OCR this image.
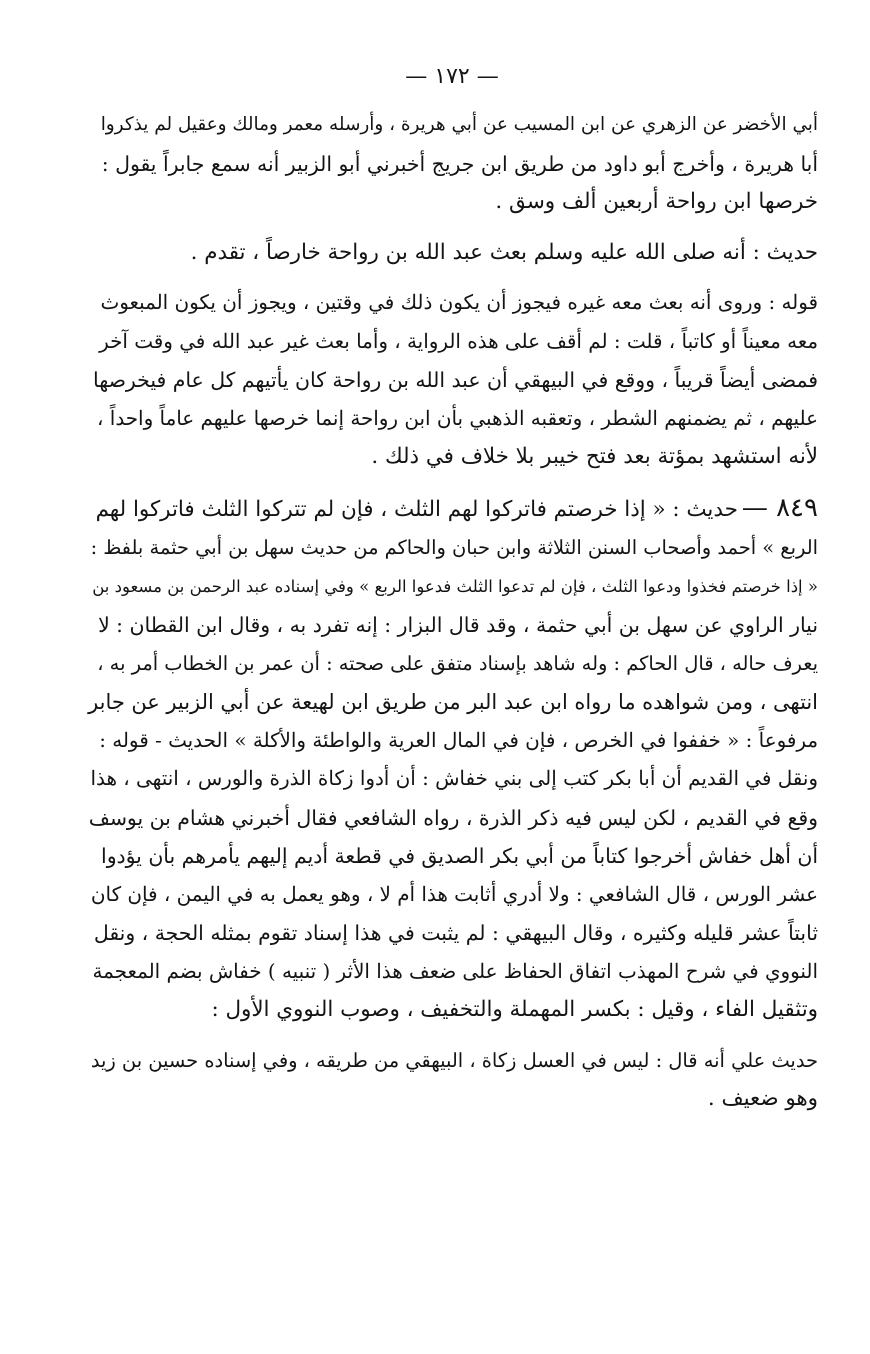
— ١٧٢ —
أبي الأخضر عن الزهري عن ابن المسيب عن أبي هريرة ، وأرسله معمر ومالك وعقيل لم يذكروا
أبا هريرة ، وأخرج أبو داود من طريق ابن جريج أخبرني أبو الزبير أنه سمع جابراً يقول :
خرصها ابن رواحة أربعين ألف وسق .
حديث : أنه صلى الله عليه وسلم بعث عبد الله بن رواحة خارصاً ، تقدم .
قوله : وروى أنه بعث معه غيره فيجوز أن يكون ذلك في وقتين ، ويجوز أن يكون المبعوث
معه معيناً أو كاتباً ، قلت : لم أقف على هذه الرواية ، وأما بعث غير عبد الله في وقت آخر
فمضى أيضاً قريباً ، ووقع في البيهقي أن عبد الله بن رواحة كان يأتيهم كل عام فيخرصها
عليهم ، ثم يضمنهم الشطر ، وتعقبه الذهبي بأن ابن رواحة إنما خرصها عليهم عاماً واحداً ،
لأنه استشهد بمؤتة بعد فتح خيبر بلا خلاف في ذلك .
٨٤٩ —حديث : « إذا خرصتم فاتركوا لهم الثلث ، فإن لم تتركوا الثلث فاتركوا لهم
الربع » أحمد وأصحاب السنن الثلاثة وابن حبان والحاكم من حديث سهل بن أبي حثمة بلفظ :
« إذا خرصتم فخذوا ودعوا الثلث ، فإن لم تدعوا الثلث فدعوا الربع » وفي إسناده عبد الرحمن بن مسعود بن
نيار الراوي عن سهل بن أبي حثمة ، وقد قال البزار : إنه تفرد به ، وقال ابن القطان : لا
يعرف حاله ، قال الحاكم : وله شاهد بإسناد متفق على صحته : أن عمر بن الخطاب أمر به ،
انتهى ، ومن شواهده ما رواه ابن عبد البر من طريق ابن لهيعة عن أبي الزبير عن جابر
مرفوعاً : « خففوا في الخرص ، فإن في المال العرية والواطئة والأكلة » الحديث - قوله :
ونقل في القديم أن أبا بكر كتب إلى بني خفاش : أن أدوا زكاة الذرة والورس ، انتهى ، هذا
وقع في القديم ، لكن ليس فيه ذكر الذرة ، رواه الشافعي فقال أخبرني هشام بن يوسف
أن أهل خفاش أخرجوا كتاباً من أبي بكر الصديق في قطعة أديم إليهم يأمرهم بأن يؤدوا
عشر الورس ، قال الشافعي : ولا أدري أثابت هذا أم لا ، وهو يعمل به في اليمن ، فإن كان
ثابتاً عشر قليله وكثيره ، وقال البيهقي : لم يثبت في هذا إسناد تقوم بمثله الحجة ، ونقل
النووي في شرح المهذب اتفاق الحفاظ على ضعف هذا الأثر ( تنبيه ) خفاش بضم المعجمة
وتثقيل الفاء ، وقيل : بكسر المهملة والتخفيف ، وصوب النووي الأول :
حديث علي أنه قال : ليس في العسل زكاة ، البيهقي من طريقه ، وفي إسناده حسين بن زيد
وهو ضعيف .
